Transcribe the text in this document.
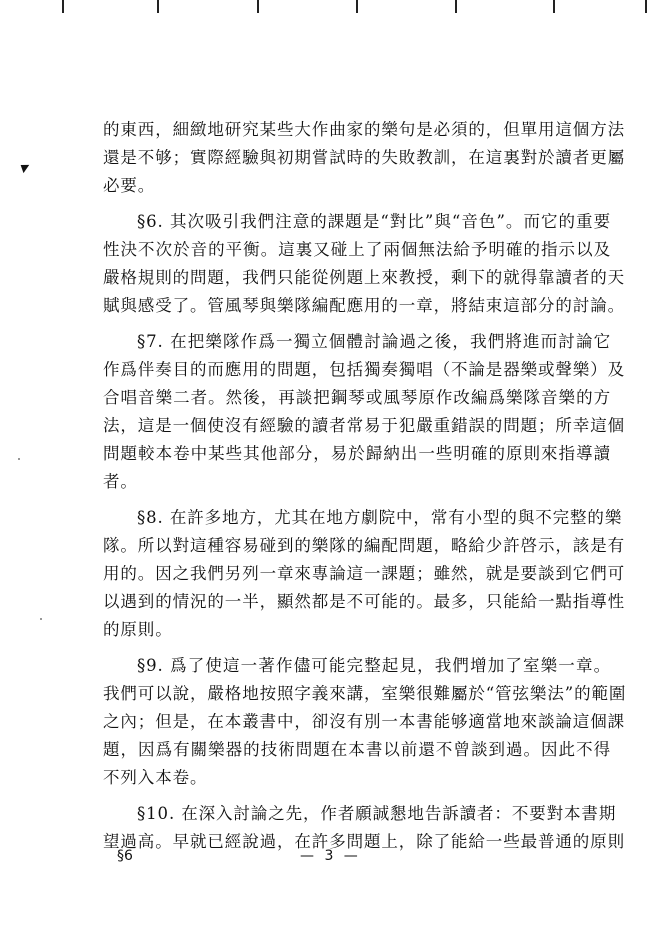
的東西，細緻地研究某些大作曲家的樂句是必須的，但單用這個方法
還是不够；實際經驗與初期嘗試時的失敗教訓，在這裏對於讀者更屬
必要。
§6. 其次吸引我們注意的課題是“對比”與“音色”。而它的重要
性決不次於音的平衡。這裏又碰上了兩個無法給予明確的指示以及
嚴格規則的問題，我們只能從例題上來教授，剩下的就得靠讀者的天
賦與感受了。管風琴與樂隊編配應用的一章，將結束這部分的討論。
§7. 在把樂隊作爲一獨立個體討論過之後，我們將進而討論它
作爲伴奏目的而應用的問題，包括獨奏獨唱（不論是器樂或聲樂）及
合唱音樂二者。然後，再談把鋼琴或風琴原作改編爲樂隊音樂的方
法，這是一個使沒有經驗的讀者常易于犯嚴重錯誤的問題；所幸這個
問題較本卷中某些其他部分，易於歸納出一些明確的原則來指導讀
者。
§8. 在許多地方，尤其在地方劇院中，常有小型的與不完整的樂
隊。所以對這種容易碰到的樂隊的編配問題，略給少許啓示，該是有
用的。因之我們另列一章來專論這一課題；雖然，就是要談到它們可
以遇到的情況的一半，顯然都是不可能的。最多，只能給一點指導性
的原則。
§9. 爲了使這一著作儘可能完整起見，我們增加了室樂一章。
我們可以說，嚴格地按照字義來講，室樂很難屬於“管弦樂法”的範圍
之內；但是，在本叢書中，卻沒有別一本書能够適當地來談論這個課
題，因爲有關樂器的技術問題在本書以前還不曾談到過。因此不得
不列入本卷。
§10. 在深入討論之先，作者願誠懇地告訴讀者：不要對本書期
望過高。早就已經說過，在許多問題上，除了能給一些最普通的原則
§6	— 3 —
